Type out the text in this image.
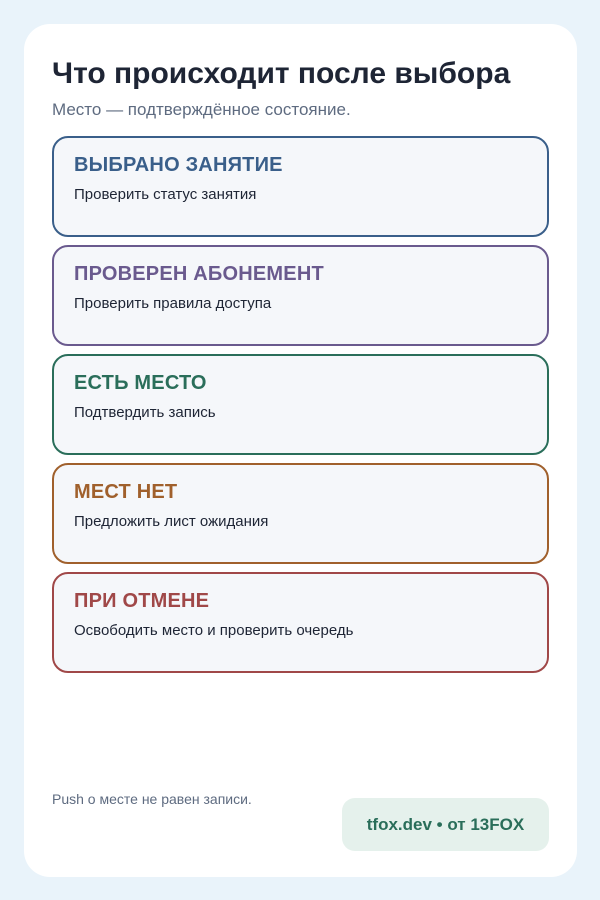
Что происходит после выбора

Место — подтверждённое состояние.

ВЫБРАНО ЗАНЯТИЕ
Проверить статус занятия
ПРОВЕРЕН АБОНЕМЕНТ
Проверить правила доступа
ЕСТЬ МЕСТО
Подтвердить запись
МЕСТ НЕТ
Предложить лист ожидания
ПРИ ОТМЕНЕ
Освободить место и проверить очередь
Push о месте не равен записи.
tfox.dev • от 13FOX
